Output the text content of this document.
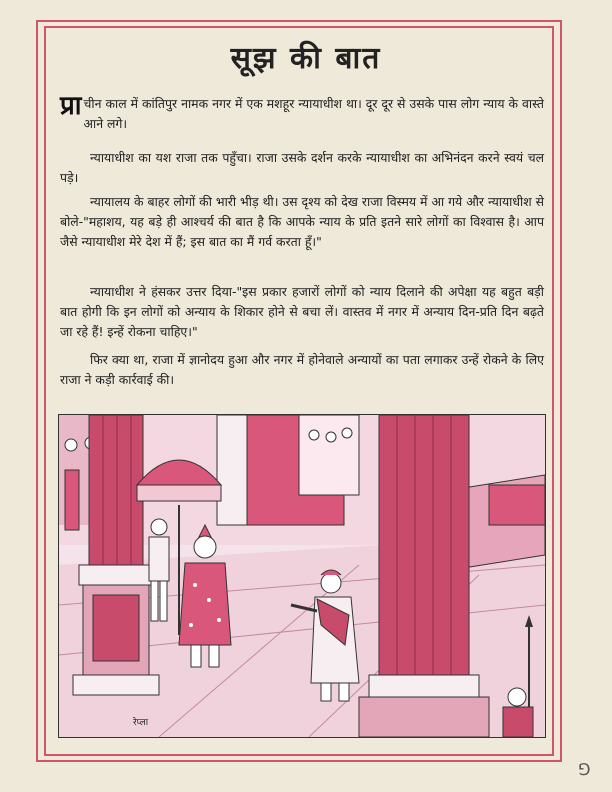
सूझ की बात
प्रा चीन काल में कांतिपुर नामक नगर में एक मशहूर न्यायाधीश था। दूर दूर से उसके पास लोग न्याय के वास्ते आने लगे।
न्यायाधीश का यश राजा तक पहुँचा। राजा उसके दर्शन करके न्यायाधीश का अभिनंदन करने स्वयं चल पड़े।
न्यायालय के बाहर लोगों की भारी भीड़ थी। उस दृश्य को देख राजा विस्मय में आ गये और न्यायाधीश से बोले-"महाशय, यह बड़े ही आश्चर्य की बात है कि आपके न्याय के प्रति इतने सारे लोगों का विश्वास है। आप जैसे न्यायाधीश मेरे देश में हैं; इस बात का मैं गर्व करता हूँ।"
न्यायाधीश ने हंसकर उत्तर दिया-"इस प्रकार हजारों लोगों को न्याय दिलाने की अपेक्षा यह बहुत बड़ी बात होगी कि इन लोगों को अन्याय के शिकार होने से बचा लें। वास्तव में नगर में अन्याय दिन-प्रति दिन बढ़ते जा रहे हैं! इन्हें रोकना चाहिए।"
फिर क्या था, राजा में ज्ञानोदय हुआ और नगर में होनेवाले अन्यायों का पता लगाकर उन्हें रोकने के लिए राजा ने कड़ी कार्रवाई की।
रेप्ला
⅁
